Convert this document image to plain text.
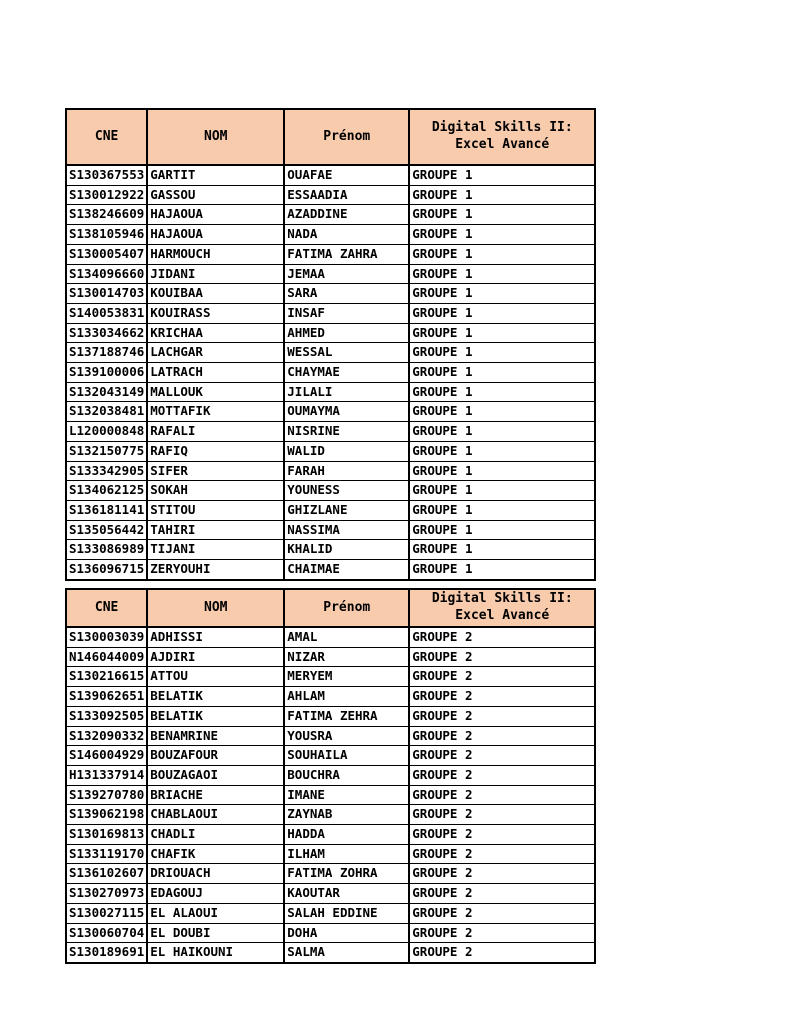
CNE	NOM	Prénom	Digital Skills II:
Excel Avancé

S130367553	GARTIT	OUAFAE	GROUPE 1
S130012922	GASSOU	ESSAADIA	GROUPE 1
S138246609	HAJAOUA	AZADDINE	GROUPE 1
S138105946	HAJAOUA	NADA	GROUPE 1
S130005407	HARMOUCH	FATIMA ZAHRA	GROUPE 1
S134096660	JIDANI	JEMAA	GROUPE 1
S130014703	KOUIBAA	SARA	GROUPE 1
S140053831	KOUIRASS	INSAF	GROUPE 1
S133034662	KRICHAA	AHMED	GROUPE 1
S137188746	LACHGAR	WESSAL	GROUPE 1
S139100006	LATRACH	CHAYMAE	GROUPE 1
S132043149	MALLOUK	JILALI	GROUPE 1
S132038481	MOTTAFIK	OUMAYMA	GROUPE 1
L120000848	RAFALI	NISRINE	GROUPE 1
S132150775	RAFIQ	WALID	GROUPE 1
S133342905	SIFER	FARAH	GROUPE 1
S134062125	SOKAH	YOUNESS	GROUPE 1
S136181141	STITOU	GHIZLANE	GROUPE 1
S135056442	TAHIRI	NASSIMA	GROUPE 1
S133086989	TIJANI	KHALID	GROUPE 1
S136096715	ZERYOUHI	CHAIMAE	GROUPE 1
CNE	NOM	Prénom	Digital Skills II:
Excel Avancé

S130003039	ADHISSI	AMAL	GROUPE 2
N146044009	AJDIRI	NIZAR	GROUPE 2
S130216615	ATTOU	MERYEM	GROUPE 2
S139062651	BELATIK	AHLAM	GROUPE 2
S133092505	BELATIK	FATIMA ZEHRA	GROUPE 2
S132090332	BENAMRINE	YOUSRA	GROUPE 2
S146004929	BOUZAFOUR	SOUHAILA	GROUPE 2
H131337914	BOUZAGAOI	BOUCHRA	GROUPE 2
S139270780	BRIACHE	IMANE	GROUPE 2
S139062198	CHABLAOUI	ZAYNAB	GROUPE 2
S130169813	CHADLI	HADDA	GROUPE 2
S133119170	CHAFIK	ILHAM	GROUPE 2
S136102607	DRIOUACH	FATIMA ZOHRA	GROUPE 2
S130270973	EDAGOUJ	KAOUTAR	GROUPE 2
S130027115	EL ALAOUI	SALAH EDDINE	GROUPE 2
S130060704	EL DOUBI	DOHA	GROUPE 2
S130189691	EL HAIKOUNI	SALMA	GROUPE 2
